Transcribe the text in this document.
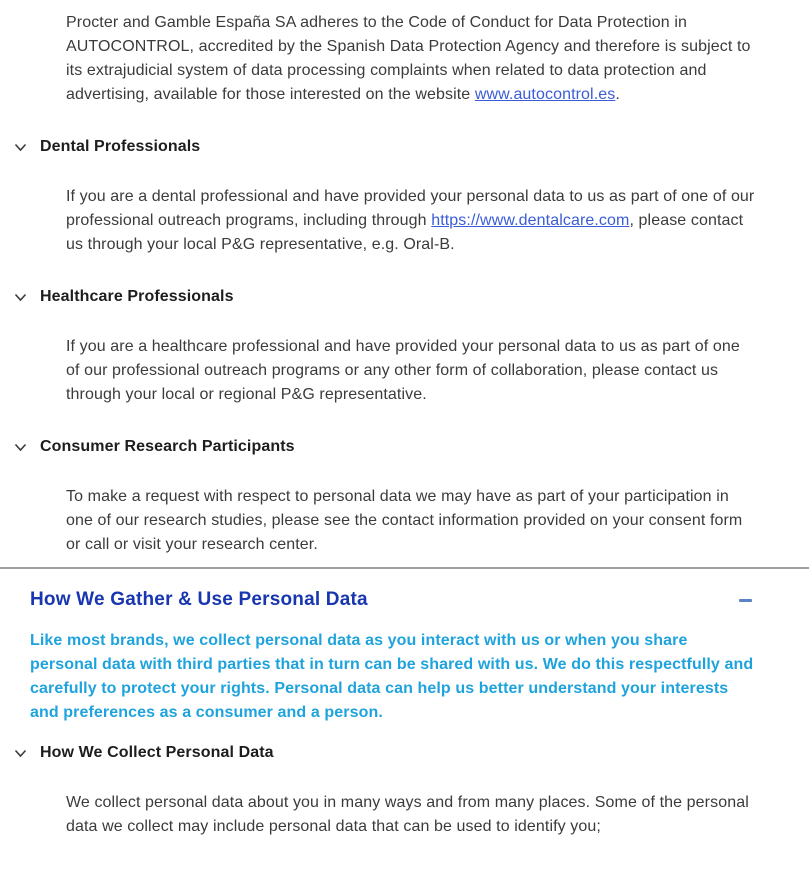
Procter and Gamble España SA adheres to the Code of Conduct for Data Protection in AUTOCONTROL, accredited by the Spanish Data Protection Agency and therefore is subject to its extrajudicial system of data processing complaints when related to data protection and advertising, available for those interested on the website www.autocontrol.es.

Dental Professionals

If you are a dental professional and have provided your personal data to us as part of one of our professional outreach programs, including through https://www.dentalcare.com, please contact us through your local P&G representative, e.g. Oral-B.

Healthcare Professionals

If you are a healthcare professional and have provided your personal data to us as part of one of our professional outreach programs or any other form of collaboration, please contact us through your local or regional P&G representative.

Consumer Research Participants

To make a request with respect to personal data we may have as part of your participation in one of our research studies, please see the contact information provided on your consent form or call or visit your research center.

How We Gather & Use Personal Data

Like most brands, we collect personal data as you interact with us or when you share personal data with third parties that in turn can be shared with us. We do this respectfully and carefully to protect your rights. Personal data can help us better understand your interests and preferences as a consumer and a person.

How We Collect Personal Data

We collect personal data about you in many ways and from many places. Some of the personal data we collect may include personal data that can be used to identify you;
